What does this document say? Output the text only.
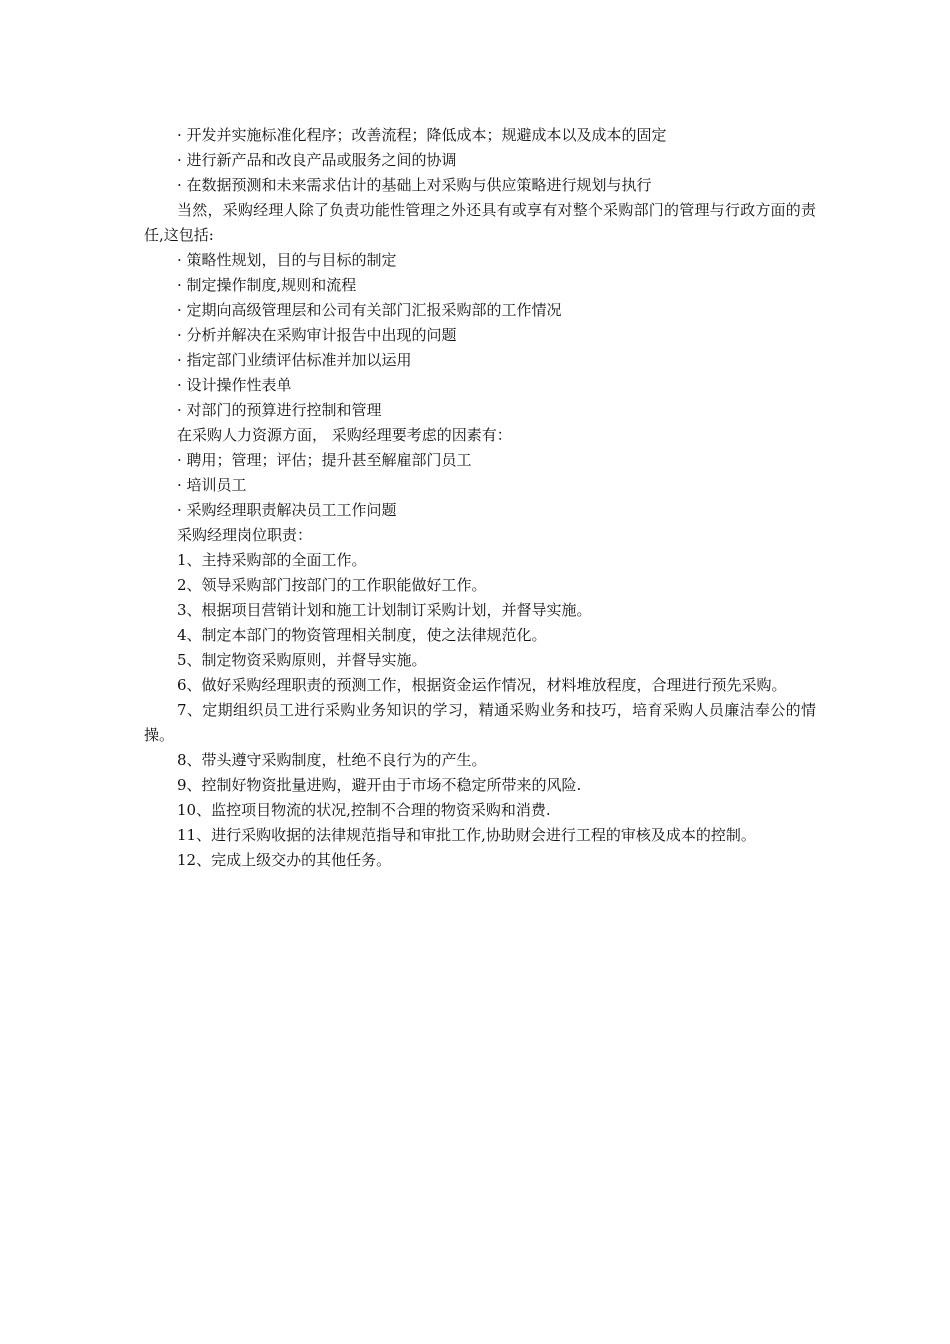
· 开发并实施标准化程序；改善流程；降低成本；规避成本以及成本的固定
· 进行新产品和改良产品或服务之间的协调
· 在数据预测和未来需求估计的基础上对采购与供应策略进行规划与执行
当然，采购经理人除了负责功能性管理之外还具有或享有对整个采购部门的管理与行政方面的责任,这包括:
· 策略性规划，目的与目标的制定
· 制定操作制度,规则和流程
· 定期向高级管理层和公司有关部门汇报采购部的工作情况
· 分析并解决在采购审计报告中出现的问题
· 指定部门业绩评估标准并加以运用
· 设计操作性表单
· 对部门的预算进行控制和管理
在采购人力资源方面， 采购经理要考虑的因素有：
· 聘用；管理；评估；提升甚至解雇部门员工
· 培训员工
· 采购经理职责解决员工工作问题
采购经理岗位职责：
1、主持采购部的全面工作。
2、领导采购部门按部门的工作职能做好工作。
3、根据项目营销计划和施工计划制订采购计划，并督导实施。
4、制定本部门的物资管理相关制度，使之法律规范化。
5、制定物资采购原则，并督导实施。
6、做好采购经理职责的预测工作，根据资金运作情况，材料堆放程度，合理进行预先采购。
7、定期组织员工进行采购业务知识的学习，精通采购业务和技巧，培育采购人员廉洁奉公的情操。
8、带头遵守采购制度，杜绝不良行为的产生。
9、控制好物资批量进购，避开由于市场不稳定所带来的风险.
10、监控项目物流的状况,控制不合理的物资采购和消费.
11、进行采购收据的法律规范指导和审批工作,协助财会进行工程的审核及成本的控制。
12、完成上级交办的其他任务。
